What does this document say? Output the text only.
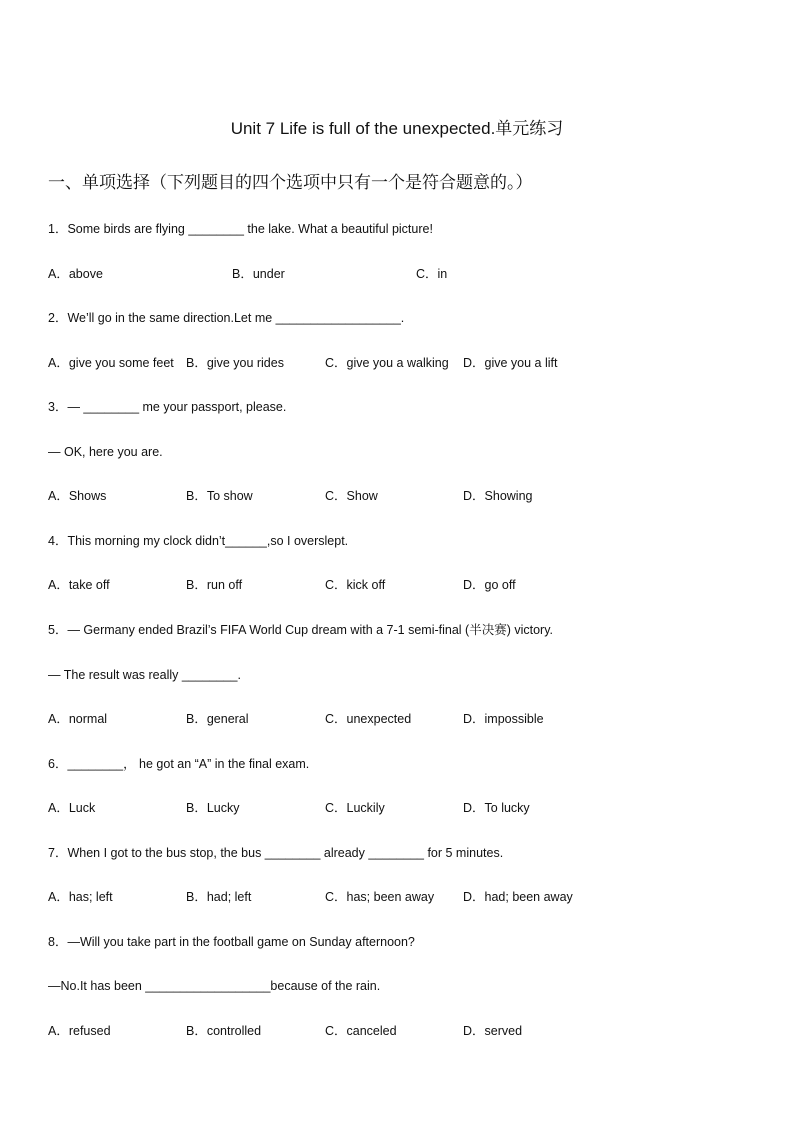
Unit 7 Life is full of the unexpected.单元练习
一、单项选择（下列题目的四个选项中只有一个是符合题意的。）
1．Some birds are flying ________ the lake. What a beautiful picture!
A．above	B．under	C．in
2．We’ll go in the same direction.Let me __________________.
A．give you some feet B．give you rides	C．give you a walking D．give you a lift
3．— ________ me your passport, please.
— OK, here you are.
A．Shows	B．To show	C．Show	D．Showing
4．This morning my clock didn’t______,so I overslept.
A．take off	B．run off	C．kick off	D．go off
5．— Germany ended Brazil’s FIFA World Cup dream with a 7-1 semi-final (半决赛) victory.
— The result was really ________.
A．normal	B．general	C．unexpected	D．impossible
6．________， he got an “A” in the final exam.
A．Luck	B．Lucky	C．Luckily	D．To lucky
7．When I got to the bus stop, the bus ________ already ________ for 5 minutes.
A．has; left	B．had; left	C．has; been away D．had; been away
8．—Will you take part in the football game on Sunday afternoon?
—No.It has been __________________because of the rain.
A．refused	B．controlled	C．canceled	D．served
